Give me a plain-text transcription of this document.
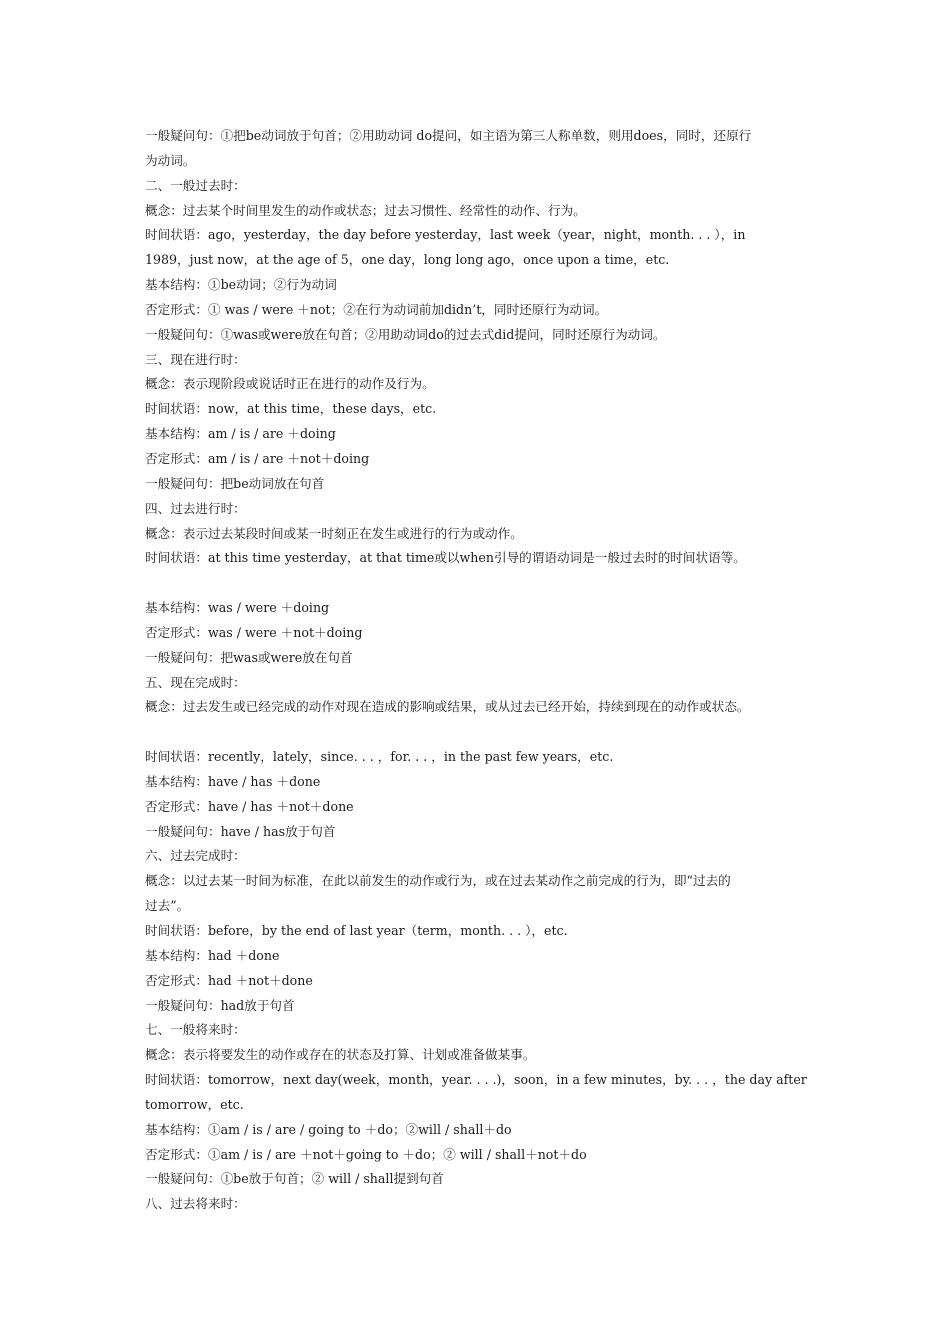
一般疑问句：①把be动词放于句首；②用助动词 do提问，如主语为第三人称单数，则用does，同时，还原行
为动词。
二、一般过去时：
概念：过去某个时间里发生的动作或状态；过去习惯性、经常性的动作、行为。
时间状语：ago，yesterday，the day before yesterday，last week（year，night，month. . . ），in
1989，just now，at the age of 5，one day，long long ago，once upon a time，etc.
基本结构：①be动词；②行为动词
否定形式：① was / were ＋not；②在行为动词前加didn’t，同时还原行为动词。
一般疑问句：①was或were放在句首；②用助动词do的过去式did提问，同时还原行为动词。
三、现在进行时：
概念：表示现阶段或说话时正在进行的动作及行为。
时间状语：now，at this time，these days，etc.
基本结构：am / is / are ＋doing
否定形式：am / is / are ＋not＋doing
一般疑问句：把be动词放在句首
四、过去进行时：
概念：表示过去某段时间或某一时刻正在发生或进行的行为或动作。
时间状语：at this time yesterday，at that time或以when引导的谓语动词是一般过去时的时间状语等。
基本结构：was / were ＋doing
否定形式：was / were ＋not＋doing
一般疑问句：把was或were放在句首
五、现在完成时：
概念：过去发生或已经完成的动作对现在造成的影响或结果，或从过去已经开始，持续到现在的动作或状态。
时间状语：recently，lately，since. . . ，for. . . ，in the past few years，etc.
基本结构：have / has ＋done
否定形式：have / has ＋not＋done
一般疑问句：have / has放于句首
六、过去完成时：
概念：以过去某一时间为标准，在此以前发生的动作或行为，或在过去某动作之前完成的行为，即“过去的
过去”。
时间状语：before，by the end of last year（term，month. . . ），etc.
基本结构：had ＋done
否定形式：had ＋not＋done
一般疑问句：had放于句首
七、一般将来时：
概念：表示将要发生的动作或存在的状态及打算、计划或准备做某事。
时间状语：tomorrow，next day(week，month，year. . . .)，soon，in a few minutes，by. . . ，the day after
tomorrow，etc.
基本结构：①am / is / are / going to ＋do；②will / shall＋do
否定形式：①am / is / are ＋not＋going to ＋do；② will / shall＋not＋do
一般疑问句：①be放于句首；② will / shall提到句首
八、过去将来时：
